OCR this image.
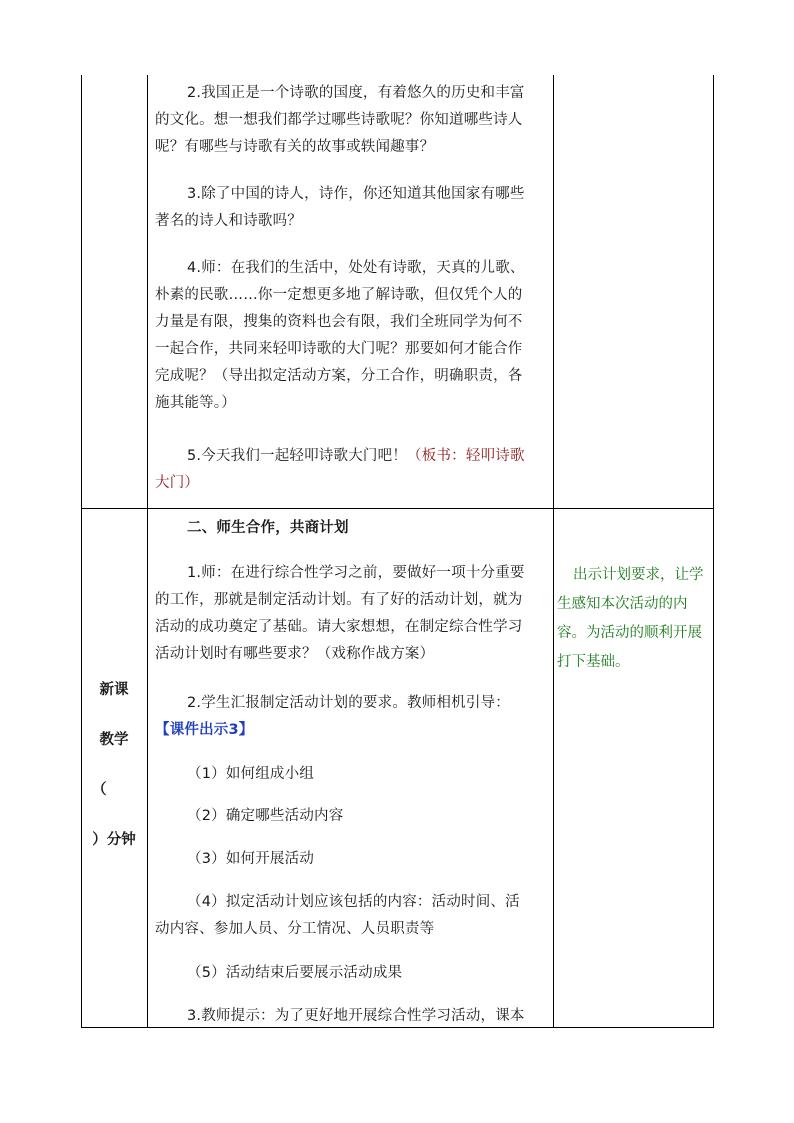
2.我国正是一个诗歌的国度，有着悠久的历史和丰富
的文化。想一想我们都学过哪些诗歌呢？你知道哪些诗人
呢？有哪些与诗歌有关的故事或轶闻趣事？
3.除了中国的诗人，诗作，你还知道其他国家有哪些
著名的诗人和诗歌吗？
4.师：在我们的生活中，处处有诗歌，天真的儿歌、
朴素的民歌……你一定想更多地了解诗歌，但仅凭个人的
力量是有限，搜集的资料也会有限，我们全班同学为何不
一起合作，共同来轻叩诗歌的大门呢？那要如何才能合作
完成呢？（导出拟定活动方案，分工合作，明确职责，各
施其能等。）
5.今天我们一起轻叩诗歌大门吧！（板书：轻叩诗歌
大门）
二、师生合作，共商计划
1.师：在进行综合性学习之前，要做好一项十分重要
的工作，那就是制定活动计划。有了好的活动计划，就为
活动的成功奠定了基础。请大家想想，在制定综合性学习
活动计划时有哪些要求？（戏称作战方案）
2.学生汇报制定活动计划的要求。教师相机引导：
【课件出示3】
（1）如何组成小组
（2）确定哪些活动内容
（3）如何开展活动
（4）拟定活动计划应该包括的内容：活动时间、活
动内容、参加人员、分工情况、人员职责等
（5）活动结束后要展示活动成果
3.教师提示：为了更好地开展综合性学习活动，课本
新课
教学
（
）分钟
出示计划要求，让学
生感知本次活动的内
容。为活动的顺利开展
打下基础。
